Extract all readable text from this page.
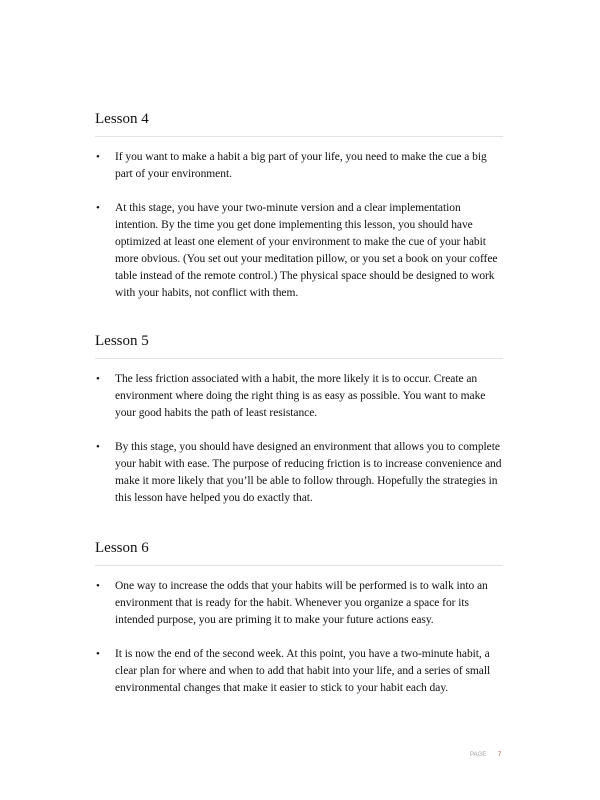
Lesson 4
• If you want to make a habit a big part of your life, you need to make the cue a big part of your environment.
• At this stage, you have your two-minute version and a clear implementation intention. By the time you get done implementing this lesson, you should have optimized at least one element of your environment to make the cue of your habit more obvious. (You set out your meditation pillow, or you set a book on your coffee table instead of the remote control.) The physical space should be designed to work with your habits, not conflict with them.
Lesson 5
• The less friction associated with a habit, the more likely it is to occur. Create an environment where doing the right thing is as easy as possible. You want to make your good habits the path of least resistance.
• By this stage, you should have designed an environment that allows you to complete your habit with ease. The purpose of reducing friction is to increase convenience and make it more likely that you’ll be able to follow through. Hopefully the strategies in this lesson have helped you do exactly that.
Lesson 6
• One way to increase the odds that your habits will be performed is to walk into an environment that is ready for the habit. Whenever you organize a space for its intended purpose, you are priming it to make your future actions easy.
• It is now the end of the second week. At this point, you have a two-minute habit, a clear plan for where and when to add that habit into your life, and a series of small environmental changes that make it easier to stick to your habit each day.
PAGE 7
